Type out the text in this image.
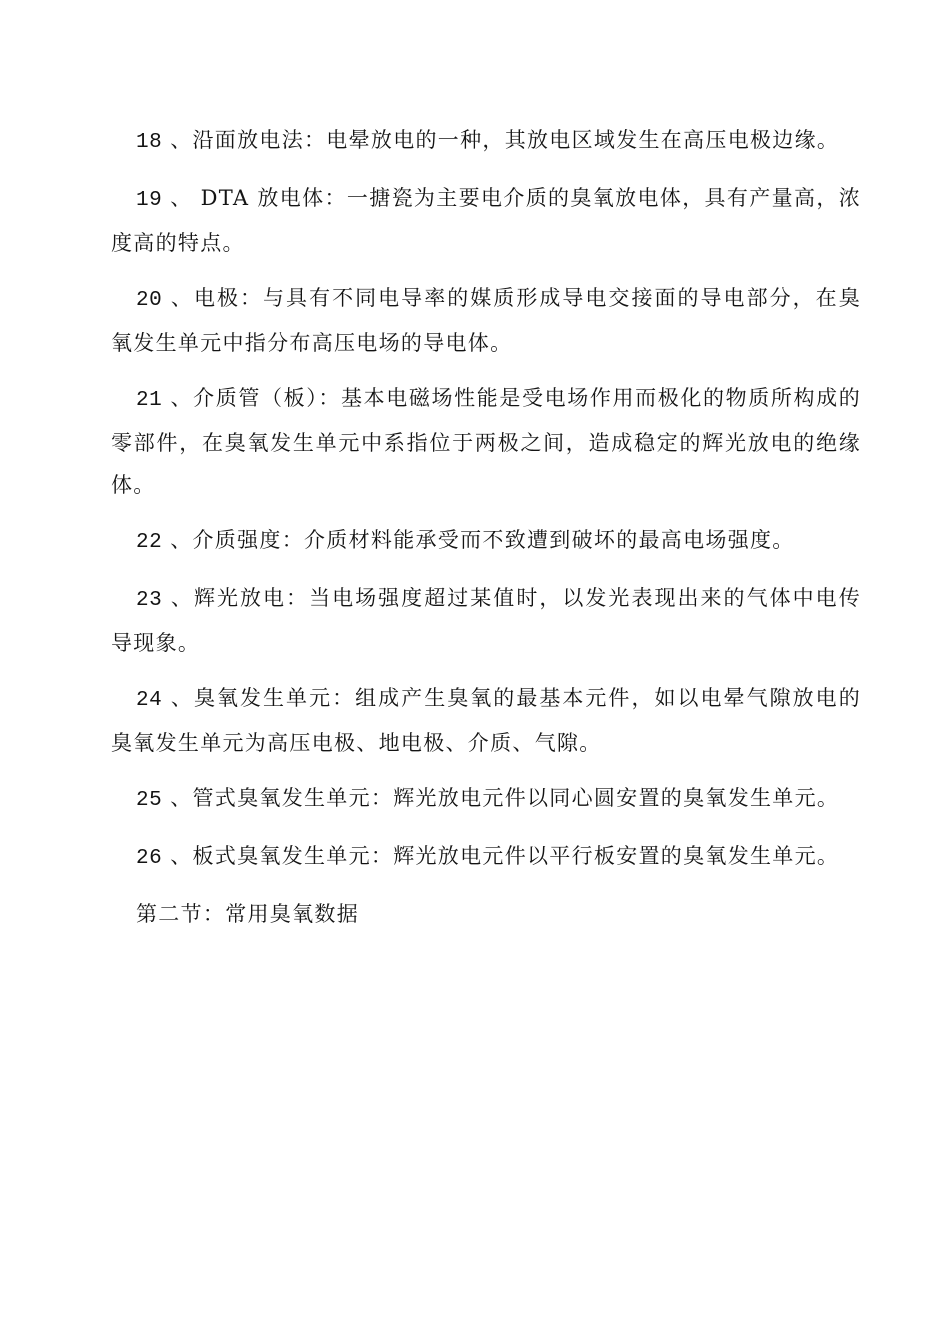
18 、沿面放电法：电晕放电的一种，其放电区域发生在高压电极边缘。

19 、 DTA 放电体：一搪瓷为主要电介质的臭氧放电体，具有产量高，浓度高的特点。

20 、电极：与具有不同电导率的媒质形成导电交接面的导电部分，在臭氧发生单元中指分布高压电场的导电体。

21 、介质管（板）：基本电磁场性能是受电场作用而极化的物质所构成的零部件，在臭氧发生单元中系指位于两极之间，造成稳定的辉光放电的绝缘体。

22 、介质强度：介质材料能承受而不致遭到破坏的最高电场强度。

23 、辉光放电：当电场强度超过某值时，以发光表现出来的气体中电传导现象。

24 、臭氧发生单元：组成产生臭氧的最基本元件，如以电晕气隙放电的臭氧发生单元为高压电极、地电极、介质、气隙。

25 、管式臭氧发生单元：辉光放电元件以同心圆安置的臭氧发生单元。

26 、板式臭氧发生单元：辉光放电元件以平行板安置的臭氧发生单元。

第二节：常用臭氧数据
